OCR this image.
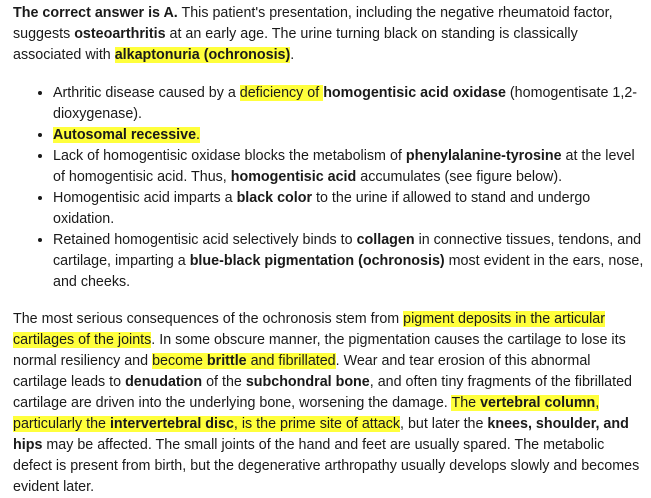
The correct answer is A. This patient's presentation, including the negative rheumatoid factor, suggests osteoarthritis at an early age. The urine turning black on standing is classically associated with alkaptonuria (ochronosis).

• Arthritic disease caused by a deficiency of homogentisic acid oxidase (homogentisate 1,2-dioxygenase).
• Autosomal recessive.
• Lack of homogentisic oxidase blocks the metabolism of phenylalanine-tyrosine at the level of homogentisic acid. Thus, homogentisic acid accumulates (see figure below).
• Homogentisic acid imparts a black color to the urine if allowed to stand and undergo oxidation.
• Retained homogentisic acid selectively binds to collagen in connective tissues, tendons, and cartilage, imparting a blue-black pigmentation (ochronosis) most evident in the ears, nose, and cheeks.

The most serious consequences of the ochronosis stem from pigment deposits in the articular cartilages of the joints. In some obscure manner, the pigmentation causes the cartilage to lose its normal resiliency and become brittle and fibrillated. Wear and tear erosion of this abnormal cartilage leads to denudation of the subchondral bone, and often tiny fragments of the fibrillated cartilage are driven into the underlying bone, worsening the damage. The vertebral column, particularly the intervertebral disc, is the prime site of attack, but later the knees, shoulder, and hips may be affected. The small joints of the hand and feet are usually spared. The metabolic defect is present from birth, but the degenerative arthropathy usually develops slowly and becomes evident later.
